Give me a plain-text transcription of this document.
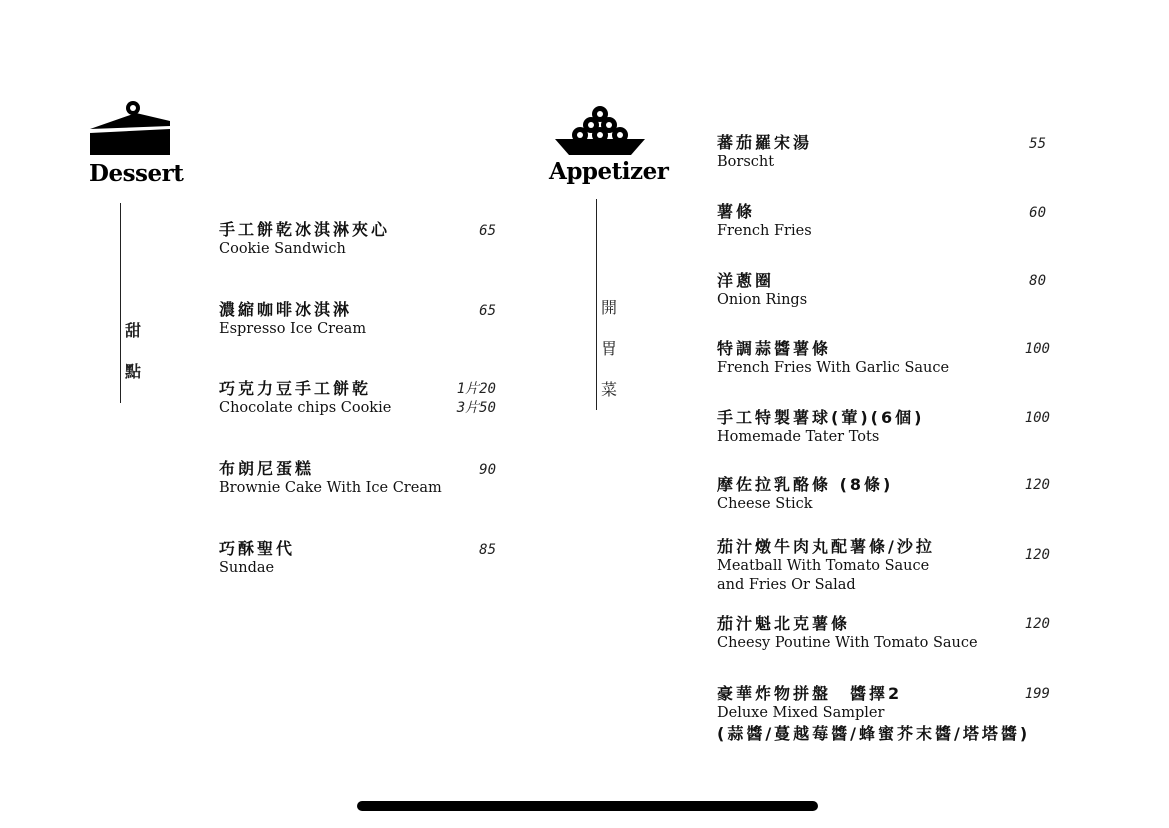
Dessert
甜
點
手工餅乾冰淇淋夾心
Cookie Sandwich
65
濃縮咖啡冰淇淋
Espresso Ice Cream
65
巧克力豆手工餅乾
Chocolate chips Cookie
1片20
3片50
布朗尼蛋糕
Brownie Cake With Ice Cream
90
巧酥聖代
Sundae
85
Appetizer
開
胃
菜
蕃茄羅宋湯
Borscht
55
薯條
French Fries
60
洋蔥圈
Onion Rings
80
特調蒜醬薯條
French Fries With Garlic Sauce
100
手工特製薯球(葷)(6個)
Homemade Tater Tots
100
摩佐拉乳酪條 (8條)
Cheese Stick
120
茄汁燉牛肉丸配薯條/沙拉
Meatball With Tomato Sauce
and Fries Or Salad
120
茄汁魁北克薯條
Cheesy Poutine With Tomato Sauce
120
豪華炸物拼盤　醬擇2
Deluxe Mixed Sampler
(蒜醬/蔓越莓醬/蜂蜜芥末醬/塔塔醬)
199
